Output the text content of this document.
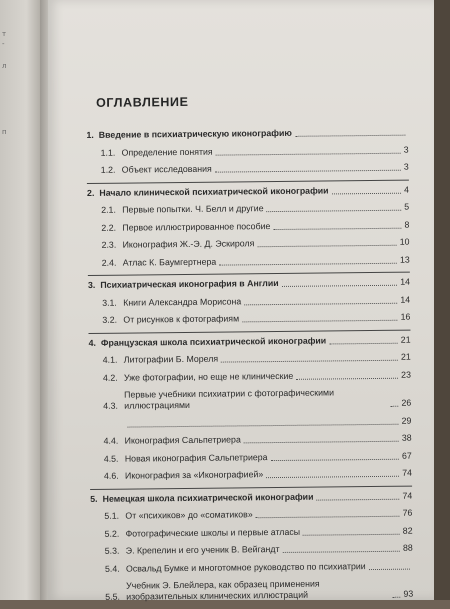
т
-
л
п
ОГЛАВЛЕНИЕ
1. Введение в психиатрическую иконографию
1.1. Определение понятия	3
1.2. Объект исследования	3
2. Начало клинической психиатрической иконографии	4
2.1. Первые попытки. Ч. Белл и другие	5
2.2. Первое иллюстрированное пособие	8
2.3. Иконография Ж.-Э. Д. Эскироля	10
2.4. Атлас К. Баумгертнера	13
3. Психиатрическая иконография в Англии	14
3.1. Книги Александра Морисона	14
3.2. От рисунков к фотографиям	16
4. Французская школа психиатрической иконографии	21
4.1. Литографии Б. Мореля	21
4.2. Уже фотографии, но еще не клинические	23
4.3.
Первые учебники психиатрии с фотографическими иллюстрациями	26
29
4.4. Иконография Сальпетриера	38
4.5. Новая иконография Сальпетриера	67
4.6. Иконография за «Иконографией»	74
5. Немецкая школа психиатрической иконографии	74
5.1. От «психиков» до «соматиков»	76
5.2. Фотографические школы и первые атласы	82
5.3. Э. Крепелин и его ученик В. Вейгандт	88
5.4. Освальд Бумке и многотомное руководство по психиатрии
5.5.
Учебник Э. Блейлера, как образец применения изобразительных клинических иллюстраций	93
